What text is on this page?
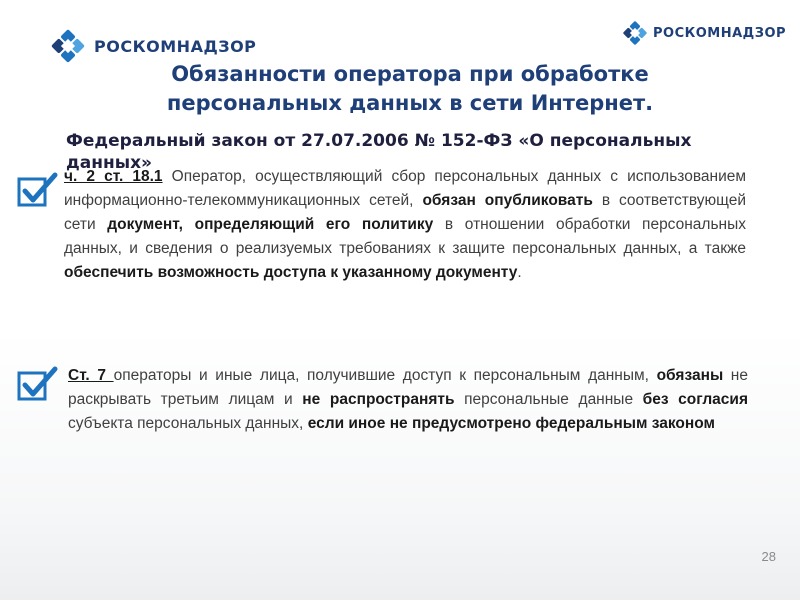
РОСКОМНАДЗОР
РОСКОМНАДЗОР
Обязанности оператора при обработке
персональных данных в сети Интернет.
Федеральный закон от 27.07.2006 № 152-ФЗ «О персональных данных»
ч. 2 ст. 18.1 Оператор, осуществляющий сбор персональных данных с использованием информационно-телекоммуникационных сетей, обязан опубликовать в соответствующей сети документ, определяющий его политику в отношении обработки персональных данных, и сведения о реализуемых требованиях к защите персональных данных, а также обеспечить возможность доступа к указанному документу.
Ст. 7 операторы и иные лица, получившие доступ к персональным данным, обязаны не раскрывать третьим лицам и не распространять персональные данные без согласия субъекта персональных данных, если иное не предусмотрено федеральным законом
28
